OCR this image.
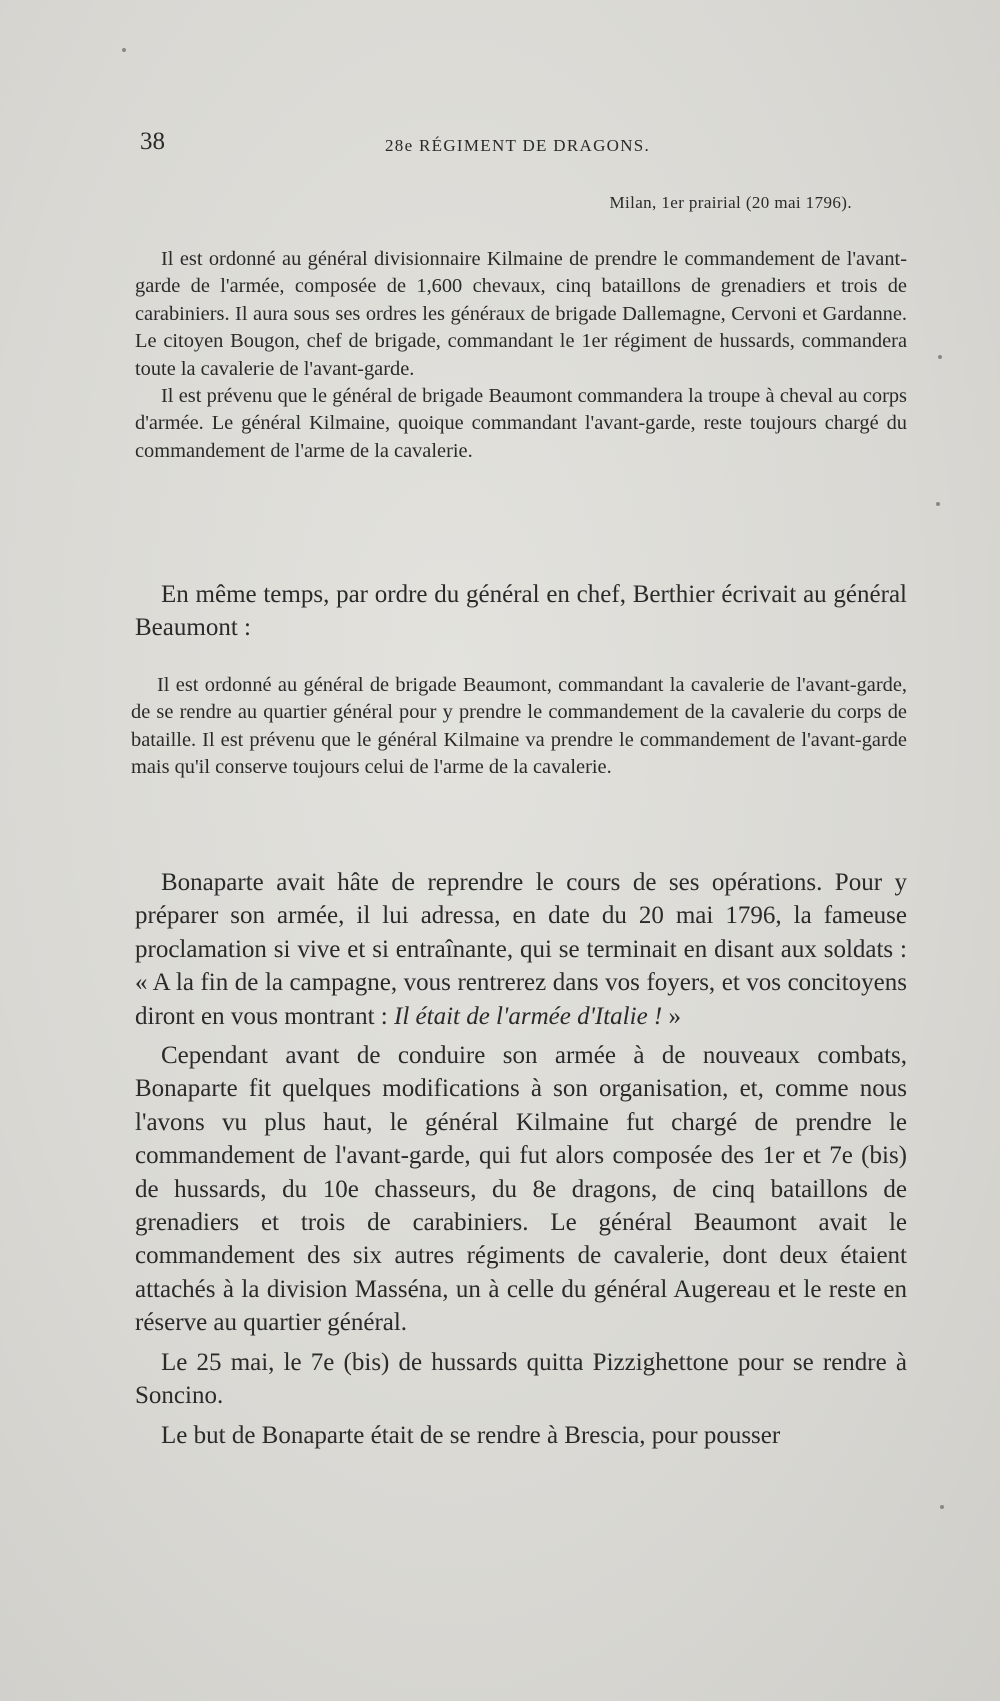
38	28e RÉGIMENT DE DRAGONS.
Milan, 1er prairial (20 mai 1796).

Il est ordonné au général divisionnaire Kilmaine de prendre le commandement de l'avant-garde de l'armée, composée de 1,600 chevaux, cinq bataillons de grenadiers et trois de carabiniers. Il aura sous ses ordres les généraux de brigade Dallemagne, Cervoni et Gardanne. Le citoyen Bougon, chef de brigade, commandant le 1er régiment de hussards, commandera toute la cavalerie de l'avant-garde.

Il est prévenu que le général de brigade Beaumont commandera la troupe à cheval au corps d'armée. Le général Kilmaine, quoique commandant l'avant-garde, reste toujours chargé du commandement de l'arme de la cavalerie.

En même temps, par ordre du général en chef, Berthier écrivait au général Beaumont :

Il est ordonné au général de brigade Beaumont, commandant la cavalerie de l'avant-garde, de se rendre au quartier général pour y prendre le commandement de la cavalerie du corps de bataille. Il est prévenu que le général Kilmaine va prendre le commandement de l'avant-garde mais qu'il conserve toujours celui de l'arme de la cavalerie.

Bonaparte avait hâte de reprendre le cours de ses opérations. Pour y préparer son armée, il lui adressa, en date du 20 mai 1796, la fameuse proclamation si vive et si entraînante, qui se terminait en disant aux soldats : « A la fin de la campagne, vous rentrerez dans vos foyers, et vos concitoyens diront en vous montrant : Il était de l'armée d'Italie ! »

Cependant avant de conduire son armée à de nouveaux combats, Bonaparte fit quelques modifications à son organisation, et, comme nous l'avons vu plus haut, le général Kilmaine fut chargé de prendre le commandement de l'avant-garde, qui fut alors composée des 1er et 7e (bis) de hussards, du 10e chasseurs, du 8e dragons, de cinq bataillons de grenadiers et trois de carabiniers. Le général Beaumont avait le commandement des six autres régiments de cavalerie, dont deux étaient attachés à la division Masséna, un à celle du général Augereau et le reste en réserve au quartier général.

Le 25 mai, le 7e (bis) de hussards quitta Pizzighettone pour se rendre à Soncino.

Le but de Bonaparte était de se rendre à Brescia, pour pousser
